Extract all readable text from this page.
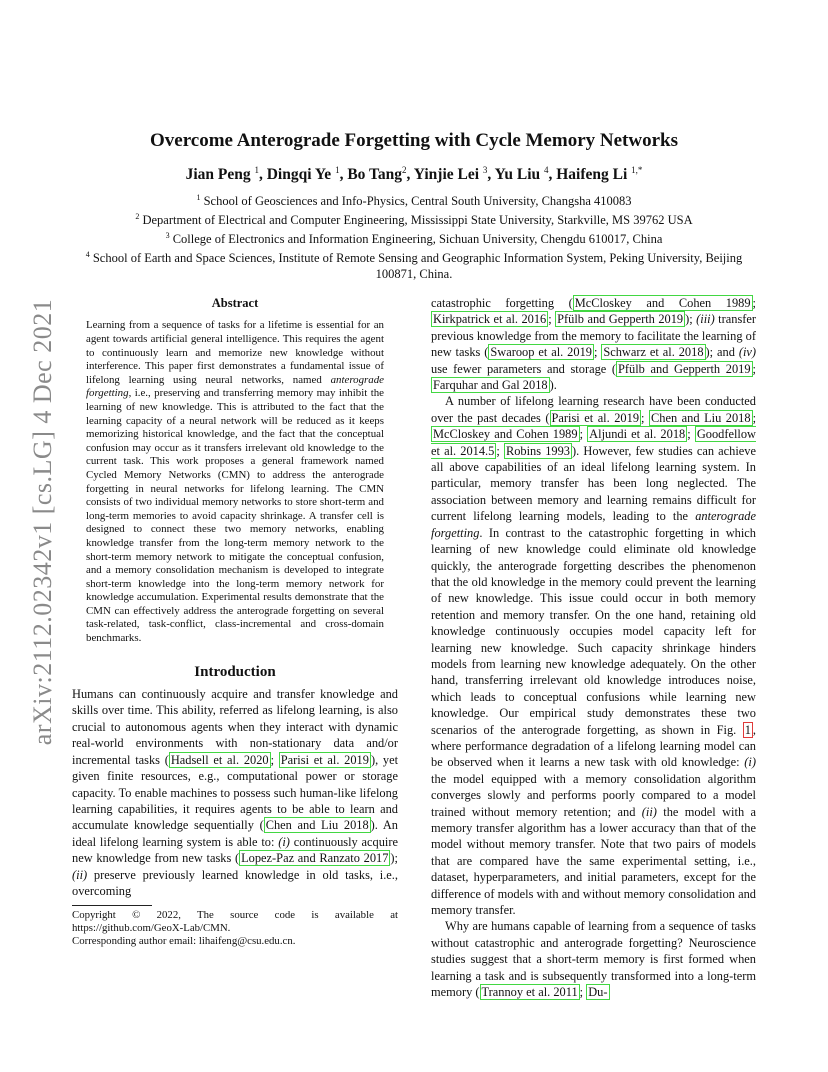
arXiv:2112.02342v1 [cs.LG] 4 Dec 2021
Overcome Anterograde Forgetting with Cycle Memory Networks
Jian Peng $^1$, Dingqi Ye $^1$, Bo Tang$^2$, Yinjie Lei $^3$, Yu Liu $^4$, Haifeng Li $^{1,*}$
$^1$ School of Geosciences and Info-Physics, Central South University, Changsha 410083
$^2$ Department of Electrical and Computer Engineering, Mississippi State University, Starkville, MS 39762 USA
$^3$ College of Electronics and Information Engineering, Sichuan University, Chengdu 610017, China
$^4$ School of Earth and Space Sciences, Institute of Remote Sensing and Geographic Information System, Peking University, Beijing 100871, China.
Abstract
Learning from a sequence of tasks for a lifetime is essential for an agent towards artificial general intelligence. This requires the agent to continuously learn and memorize new knowledge without interference. This paper first demonstrates a fundamental issue of lifelong learning using neural networks, named anterograde forgetting, i.e., preserving and transferring memory may inhibit the learning of new knowledge. This is attributed to the fact that the learning capacity of a neural network will be reduced as it keeps memorizing historical knowledge, and the fact that the conceptual confusion may occur as it transfers irrelevant old knowledge to the current task. This work proposes a general framework named Cycled Memory Networks (CMN) to address the anterograde forgetting in neural networks for lifelong learning. The CMN consists of two individual memory networks to store short-term and long-term memories to avoid capacity shrinkage. A transfer cell is designed to connect these two memory networks, enabling knowledge transfer from the long-term memory network to the short-term memory network to mitigate the conceptual confusion, and a memory consolidation mechanism is developed to integrate short-term knowledge into the long-term memory network for knowledge accumulation. Experimental results demonstrate that the CMN can effectively address the anterograde forgetting on several task-related, task-conflict, class-incremental and cross-domain benchmarks.
Introduction

Humans can continuously acquire and transfer knowledge and skills over time. This ability, referred as lifelong learning, is also crucial to autonomous agents when they interact with dynamic real-world environments with non-stationary data and/or incremental tasks ( Hadsell et al. 2020 ; Parisi et al. 2019 ), yet given finite resources, e.g., computational power or storage capacity. To enable machines to possess such human-like lifelong learning capabilities, it requires agents to be able to learn and accumulate knowledge sequentially ( Chen and Liu 2018 ). An ideal lifelong learning system is able to: (i) continuously acquire new knowledge from new tasks ( Lopez-Paz and Ranzato 2017 ); (ii) preserve previously learned knowledge in old tasks, i.e., overcoming

Copyright © 2022, The source code is available at https://github.com/GeoX-Lab/CMN.

Corresponding author email: lihaifeng@csu.edu.cn.

catastrophic forgetting ( McCloskey and Cohen 1989 ; Kirkpatrick et al. 2016 ; Pfülb and Gepperth 2019 ); (iii) transfer previous knowledge from the memory to facilitate the learning of new tasks ( Swaroop et al. 2019 ; Schwarz et al. 2018 ); and (iv) use fewer parameters and storage ( Pfülb and Gepperth 2019 ; Farquhar and Gal 2018 ).

A number of lifelong learning research have been conducted over the past decades ( Parisi et al. 2019 ; Chen and Liu 2018 ; McCloskey and Cohen 1989 ; Aljundi et al. 2018 ; Goodfellow et al. 2014.5 ; Robins 1993 ). However, few studies can achieve all above capabilities of an ideal lifelong learning system. In particular, memory transfer has been long neglected. The association between memory and learning remains difficult for current lifelong learning models, leading to the anterograde forgetting. In contrast to the catastrophic forgetting in which learning of new knowledge could eliminate old knowledge quickly, the anterograde forgetting describes the phenomenon that the old knowledge in the memory could prevent the learning of new knowledge. This issue could occur in both memory retention and memory transfer. On the one hand, retaining old knowledge continuously occupies model capacity left for learning new knowledge. Such capacity shrinkage hinders models from learning new knowledge adequately. On the other hand, transferring irrelevant old knowledge introduces noise, which leads to conceptual confusions while learning new knowledge. Our empirical study demonstrates these two scenarios of the anterograde forgetting, as shown in Fig. 1 , where performance degradation of a lifelong learning model can be observed when it learns a new task with old knowledge: (i) the model equipped with a memory consolidation algorithm converges slowly and performs poorly compared to a model trained without memory retention; and (ii) the model with a memory transfer algorithm has a lower accuracy than that of the model without memory transfer. Note that two pairs of models that are compared have the same experimental setting, i.e., dataset, hyperparameters, and initial parameters, except for the difference of models with and without memory consolidation and memory transfer.

Why are humans capable of learning from a sequence of tasks without catastrophic and anterograde forgetting? Neuroscience studies suggest that a short-term memory is first formed when learning a task and is subsequently transformed into a long-term memory ( Trannoy et al. 2011 ; Du-
